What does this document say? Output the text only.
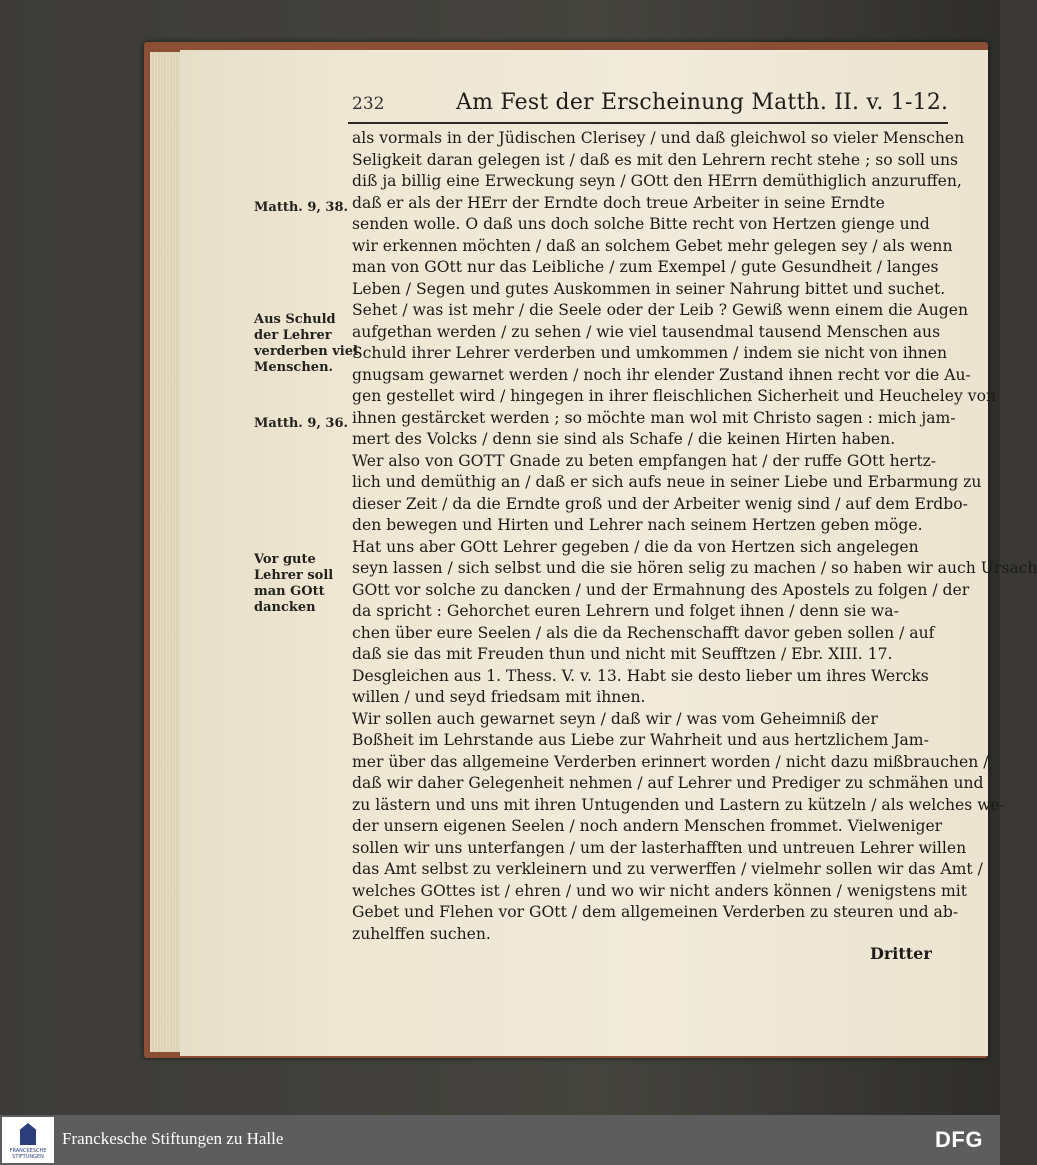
232	Am Fest der Erscheinung Matth. II. v. 1-12.
Matth. 9, 38.
Aus Schuld der Lehrer verderben viel Menschen.
Matth. 9, 36.
Vor gute Lehrer soll man GOtt dancken
als vormals in der Jüdischen Clerisey / und daß gleichwol so vieler Menschen
Seligkeit daran gelegen ist / daß es mit den Lehrern recht stehe ; so soll uns
diß ja billig eine Erweckung seyn / GOtt den HErrn demüthiglich anzuruffen,
daß er als der HErr der Erndte doch treue Arbeiter in seine Erndte
senden wolle. O daß uns doch solche Bitte recht von Hertzen gienge und
wir erkennen möchten / daß an solchem Gebet mehr gelegen sey / als wenn
man von GOtt nur das Leibliche / zum Exempel / gute Gesundheit / langes
Leben / Segen und gutes Auskommen in seiner Nahrung bittet und suchet.
Sehet / was ist mehr / die Seele oder der Leib ? Gewiß wenn einem die Augen
aufgethan werden / zu sehen / wie viel tausendmal tausend Menschen aus
Schuld ihrer Lehrer verderben und umkommen / indem sie nicht von ihnen
gnugsam gewarnet werden / noch ihr elender Zustand ihnen recht vor die Au-
gen gestellet wird / hingegen in ihrer fleischlichen Sicherheit und Heucheley von
ihnen gestärcket werden ; so möchte man wol mit Christo sagen : mich jam-
mert des Volcks / denn sie sind als Schafe / die keinen Hirten haben.
Wer also von GOTT Gnade zu beten empfangen hat / der ruffe GOtt hertz-
lich und demüthig an / daß er sich aufs neue in seiner Liebe und Erbarmung zu
dieser Zeit / da die Erndte groß und der Arbeiter wenig sind / auf dem Erdbo-
den bewegen und Hirten und Lehrer nach seinem Hertzen geben möge.
Hat uns aber GOtt Lehrer gegeben / die da von Hertzen sich angelegen
seyn lassen / sich selbst und die sie hören selig zu machen / so haben wir auch Ursach
GOtt vor solche zu dancken / und der Ermahnung des Apostels zu folgen / der
da spricht : Gehorchet euren Lehrern und folget ihnen / denn sie wa-
chen über eure Seelen / als die da Rechenschafft davor geben sollen / auf
daß sie das mit Freuden thun und nicht mit Seufftzen / Ebr. XIII. 17.
Desgleichen aus 1. Thess. V. v. 13. Habt sie desto lieber um ihres Wercks
willen / und seyd friedsam mit ihnen.
Wir sollen auch gewarnet seyn / daß wir / was vom Geheimniß der
Boßheit im Lehrstande aus Liebe zur Wahrheit und aus hertzlichem Jam-
mer über das allgemeine Verderben erinnert worden / nicht dazu mißbrauchen /
daß wir daher Gelegenheit nehmen / auf Lehrer und Prediger zu schmähen und
zu lästern und uns mit ihren Untugenden und Lastern zu kützeln / als welches we-
der unsern eigenen Seelen / noch andern Menschen frommet. Vielweniger
sollen wir uns unterfangen / um der lasterhafften und untreuen Lehrer willen
das Amt selbst zu verkleinern und zu verwerffen / vielmehr sollen wir das Amt /
welches GOttes ist / ehren / und wo wir nicht anders können / wenigstens mit
Gebet und Flehen vor GOtt / dem allgemeinen Verderben zu steuren und ab-
zuhelffen suchen.
Dritter
FRANCKESCHE STIFTUNGEN
Franckesche Stiftungen zu Halle	DFG
